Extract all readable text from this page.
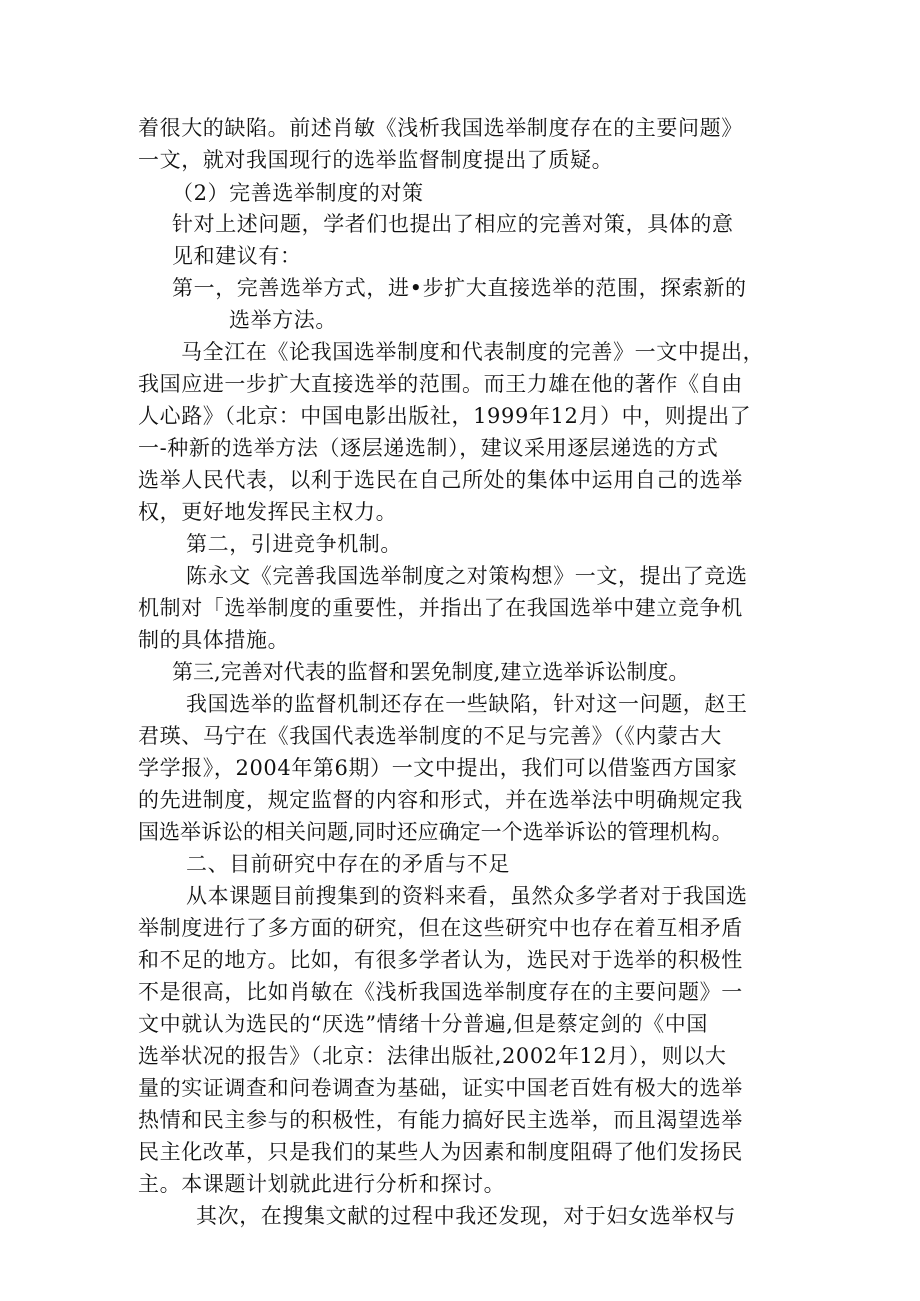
着很大的缺陷。前述肖敏《浅析我国选举制度存在的主要问题》
一文，就对我国现行的选举监督制度提出了质疑。
（2）完善选举制度的对策
针对上述问题，学者们也提出了相应的完善对策，具体的意
见和建议有：
第一，完善选举方式，进•步扩大直接选举的范围，探索新的
选举方法。
马全江在《论我国选举制度和代表制度的完善》一文中提出，
我国应进一步扩大直接选举的范围。而王力雄在他的著作《自由
人心路》（北京：中国电影出版社，1999年12月）中，则提出了
一-种新的选举方法（逐层递选制），建议采用逐层递选的方式
选举人民代表，以利于选民在自己所处的集体中运用自己的选举
权，更好地发挥民主权力。
第二，引进竞争机制。
陈永文《完善我国选举制度之对策构想》一文，提出了竞选
机制对「选举制度的重要性，并指出了在我国选举中建立竞争机
制的具体措施。
第三,完善对代表的监督和罢免制度,建立选举诉讼制度。
我国选举的监督机制还存在一些缺陷，针对这一问题，赵王
君瑛、马宁在《我国代表选举制度的不足与完善》（《内蒙古大
学学报》，2004年第6期）一文中提出，我们可以借鉴西方国家
的先进制度，规定监督的内容和形式，并在选举法中明确规定我
国选举诉讼的相关问题,同时还应确定一个选举诉讼的管理机构。
二、目前研究中存在的矛盾与不足
从本课题目前搜集到的资料来看，虽然众多学者对于我国选
举制度进行了多方面的研究，但在这些研究中也存在着互相矛盾
和不足的地方。比如，有很多学者认为，选民对于选举的积极性
不是很高，比如肖敏在《浅析我国选举制度存在的主要问题》一
文中就认为选民的“厌选”情绪十分普遍,但是蔡定剑的《中国
选举状况的报告》（北京：法律出版社,2002年12月），则以大
量的实证调查和问卷调查为基础，证实中国老百姓有极大的选举
热情和民主参与的积极性，有能力搞好民主选举，而且渴望选举
民主化改革，只是我们的某些人为因素和制度阻碍了他们发扬民
主。本课题计划就此进行分析和探讨。
其次，在搜集文献的过程中我还发现，对于妇女选举权与
